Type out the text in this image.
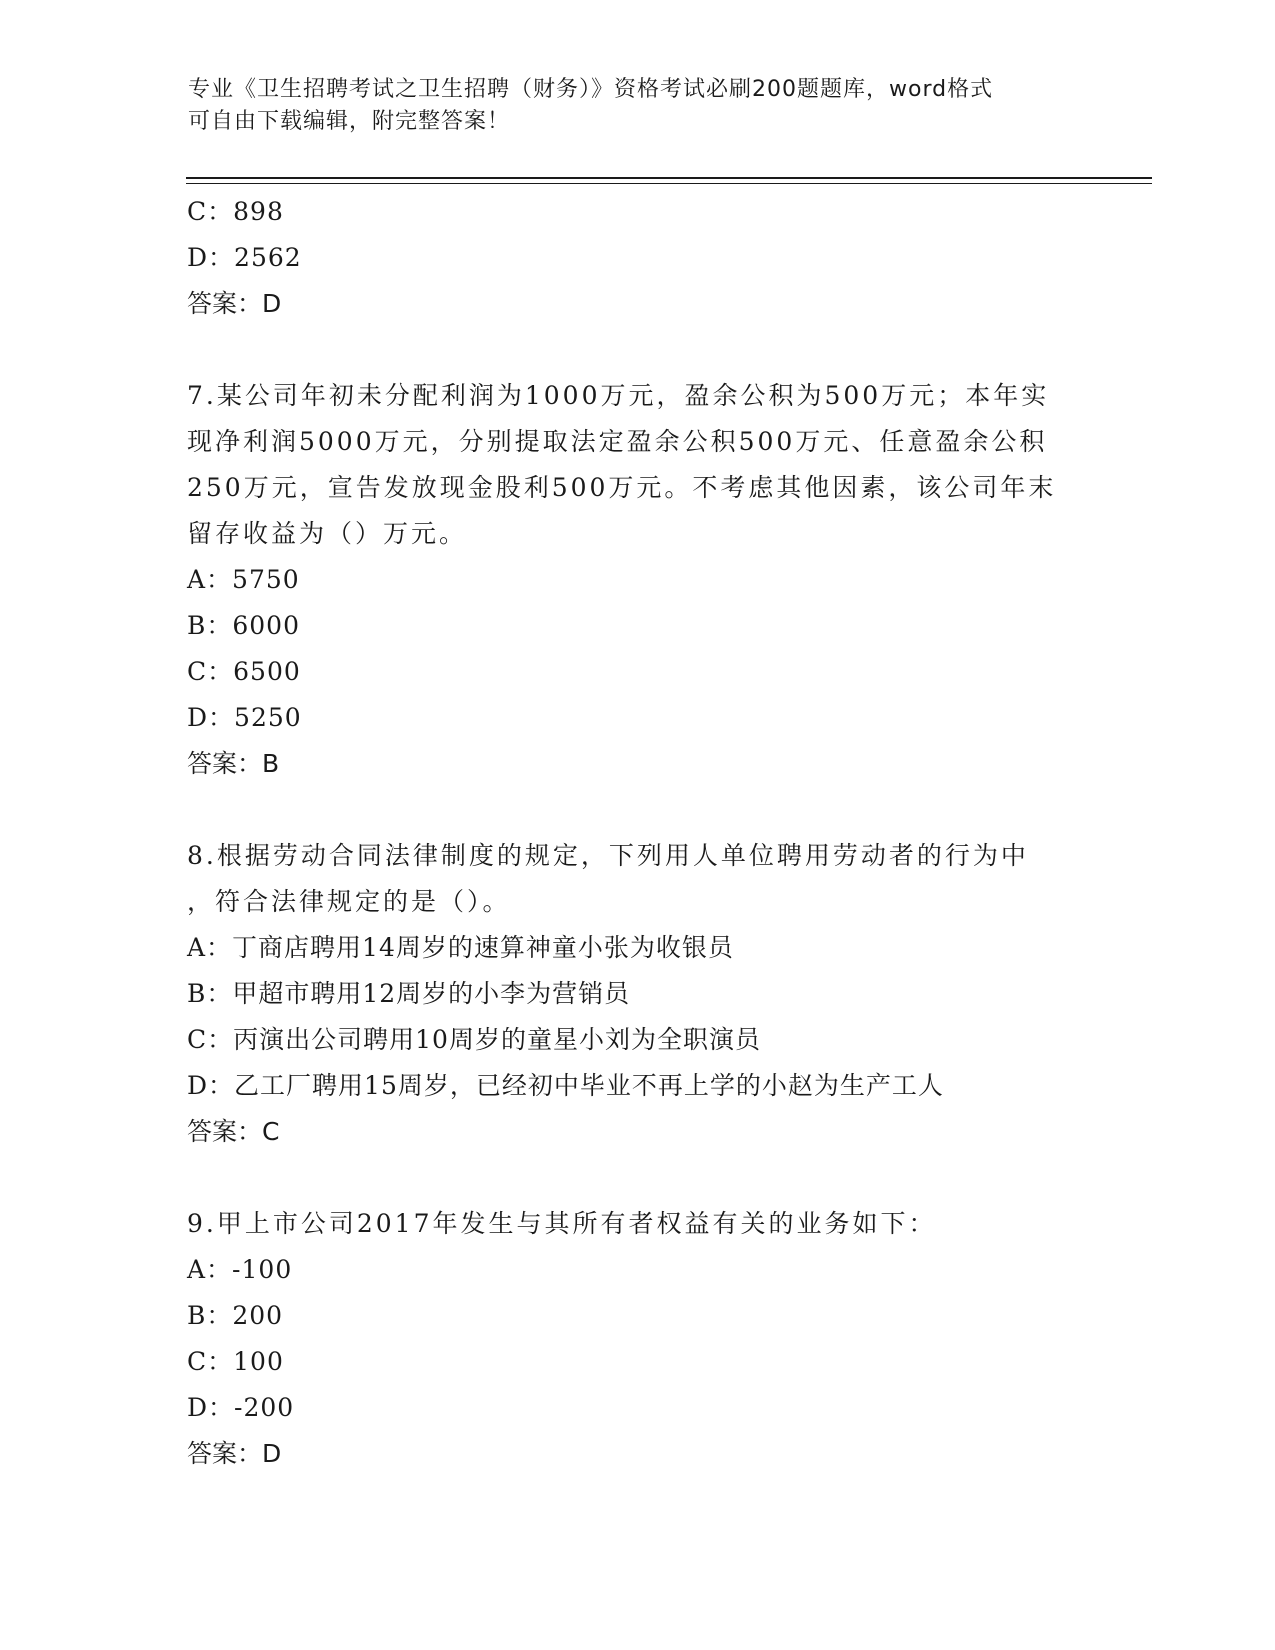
专业《卫生招聘考试之卫生招聘（财务）》资格考试必刷200题题库，word格式
可自由下载编辑，附完整答案！
C：898
D：2562
答案：D
7.某公司年初未分配利润为1000万元，盈余公积为500万元；本年实
现净利润5000万元，分别提取法定盈余公积500万元、任意盈余公积
250万元，宣告发放现金股利500万元。不考虑其他因素，该公司年末
留存收益为（）万元。
A：5750
B：6000
C：6500
D：5250
答案：B
8.根据劳动合同法律制度的规定，下列用人单位聘用劳动者的行为中
，符合法律规定的是（）。
A：丁商店聘用14周岁的速算神童小张为收银员
B：甲超市聘用12周岁的小李为营销员
C：丙演出公司聘用10周岁的童星小刘为全职演员
D：乙工厂聘用15周岁，已经初中毕业不再上学的小赵为生产工人
答案：C
9.甲上市公司2017年发生与其所有者权益有关的业务如下：
A：-100
B：200
C：100
D：-200
答案：D
